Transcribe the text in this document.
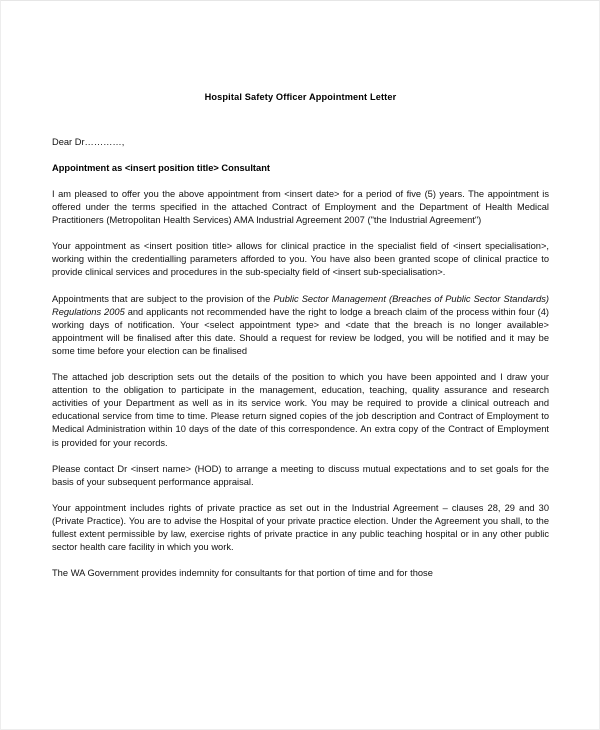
Hospital Safety Officer Appointment Letter
Dear Dr…………,
Appointment as <insert position title> Consultant

I am pleased to offer you the above appointment from <insert date> for a period of five (5) years. The appointment is offered under the terms specified in the attached Contract of Employment and the Department of Health Medical Practitioners (Metropolitan Health Services) AMA Industrial Agreement 2007 ("the Industrial Agreement")

Your appointment as <insert position title> allows for clinical practice in the specialist field of <insert specialisation>, working within the credentialling parameters afforded to you. You have also been granted scope of clinical practice to provide clinical services and procedures in the sub-specialty field of <insert sub-specialisation>.

Appointments that are subject to the provision of the Public Sector Management (Breaches of Public Sector Standards) Regulations 2005 and applicants not recommended have the right to lodge a breach claim of the process within four (4) working days of notification. Your <select appointment type> and <date that the breach is no longer available> appointment will be finalised after this date. Should a request for review be lodged, you will be notified and it may be some time before your election can be finalised

The attached job description sets out the details of the position to which you have been appointed and I draw your attention to the obligation to participate in the management, education, teaching, quality assurance and research activities of your Department as well as in its service work. You may be required to provide a clinical outreach and educational service from time to time. Please return signed copies of the job description and Contract of Employment to Medical Administration within 10 days of the date of this correspondence. An extra copy of the Contract of Employment is provided for your records.

Please contact Dr <insert name> (HOD) to arrange a meeting to discuss mutual expectations and to set goals for the basis of your subsequent performance appraisal.

Your appointment includes rights of private practice as set out in the Industrial Agreement – clauses 28, 29 and 30 (Private Practice). You are to advise the Hospital of your private practice election. Under the Agreement you shall, to the fullest extent permissible by law, exercise rights of private practice in any public teaching hospital or in any other public sector health care facility in which you work.

The WA Government provides indemnity for consultants for that portion of time and for those
